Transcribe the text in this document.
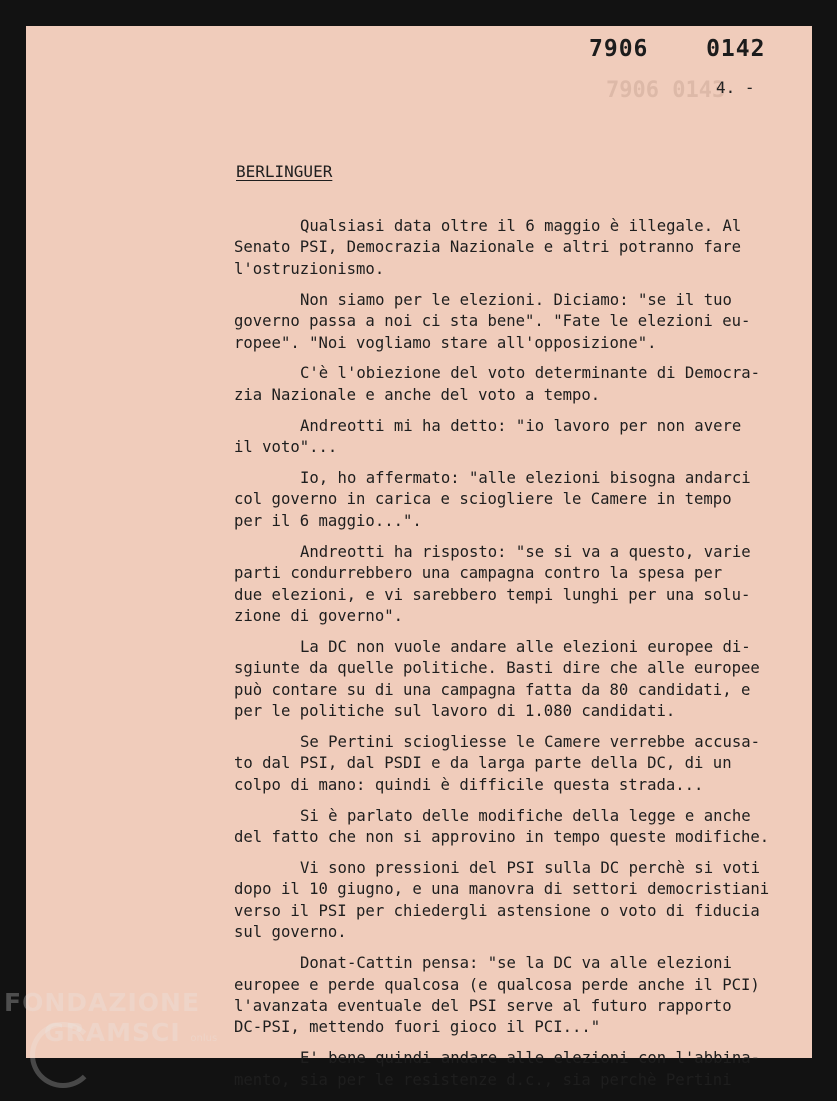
7906 0143
7906  0142
4. -
BERLINGUER

Qualsiasi data oltre il 6 maggio è illegale. Al
Senato PSI, Democrazia Nazionale e altri potranno fare
l'ostruzionismo.

Non siamo per le elezioni. Diciamo: "se il tuo
governo passa a noi ci sta bene". "Fate le elezioni eu-
ropee". "Noi vogliamo stare all'opposizione".

C'è l'obiezione del voto determinante di Democra-
zia Nazionale e anche del voto a tempo.

Andreotti mi ha detto: "io lavoro per non avere
il voto"...

Io, ho affermato: "alle elezioni bisogna andarci
col governo in carica e sciogliere le Camere in tempo
per il 6 maggio...".

Andreotti ha risposto: "se si va a questo, varie
parti condurrebbero una campagna contro la spesa per
due elezioni, e vi sarebbero tempi lunghi per una solu-
zione di governo".

La DC non vuole andare alle elezioni europee di-
sgiunte da quelle politiche. Basti dire che alle europee
può contare su di una campagna fatta da 80 candidati, e
per le politiche sul lavoro di 1.080 candidati.

Se Pertini sciogliesse le Camere verrebbe accusa-
to dal PSI, dal PSDI e da larga parte della DC, di un
colpo di mano: quindi è difficile questa strada...

Si è parlato delle modifiche della legge e anche
del fatto che non si approvino in tempo queste modifiche.

Vi sono pressioni del PSI sulla DC perchè si voti
dopo il 10 giugno, e una manovra di settori democristiani
verso il PSI per chiedergli astensione o voto di fiducia
sul governo.

Donat-Cattin pensa: "se la DC va alle elezioni
europee e perde qualcosa (e qualcosa perde anche il PCI)
l'avanzata eventuale del PSI serve al futuro rapporto
DC-PSI, mettendo fuori gioco il PCI..."

E' bene quindi andare alle elezioni con l'abbina-
mento, sia per le resistenze d.c., sia perchè Pertini

FONDAZIONE
GRAMSCI onlus
